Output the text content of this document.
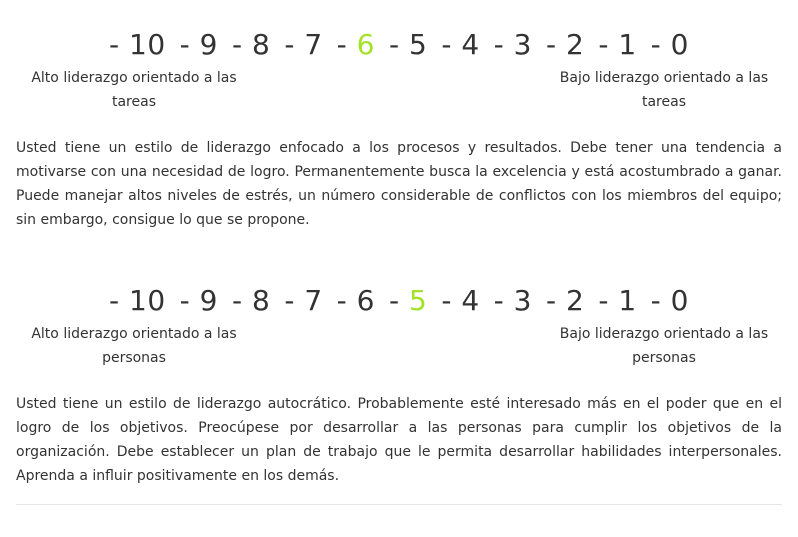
- 10 - 9 - 8 - 7 - 6 - 5 - 4 - 3 - 2 - 1 - 0
Alto liderazgo orientado a las tareas
Bajo liderazgo orientado a las tareas

Usted tiene un estilo de liderazgo enfocado a los procesos y resultados. Debe tener una tendencia a motivarse con una necesidad de logro. Permanentemente busca la excelencia y está acostumbrado a ganar. Puede manejar altos niveles de estrés, un número considerable de conflictos con los miembros del equipo; sin embargo, consigue lo que se propone.

- 10 - 9 - 8 - 7 - 6 - 5 - 4 - 3 - 2 - 1 - 0
Alto liderazgo orientado a las personas
Bajo liderazgo orientado a las personas

Usted tiene un estilo de liderazgo autocrático. Probablemente esté interesado más en el poder que en el logro de los objetivos. Preocúpese por desarrollar a las personas para cumplir los objetivos de la organización. Debe establecer un plan de trabajo que le permita desarrollar habilidades interpersonales. Aprenda a influir positivamente en los demás.
